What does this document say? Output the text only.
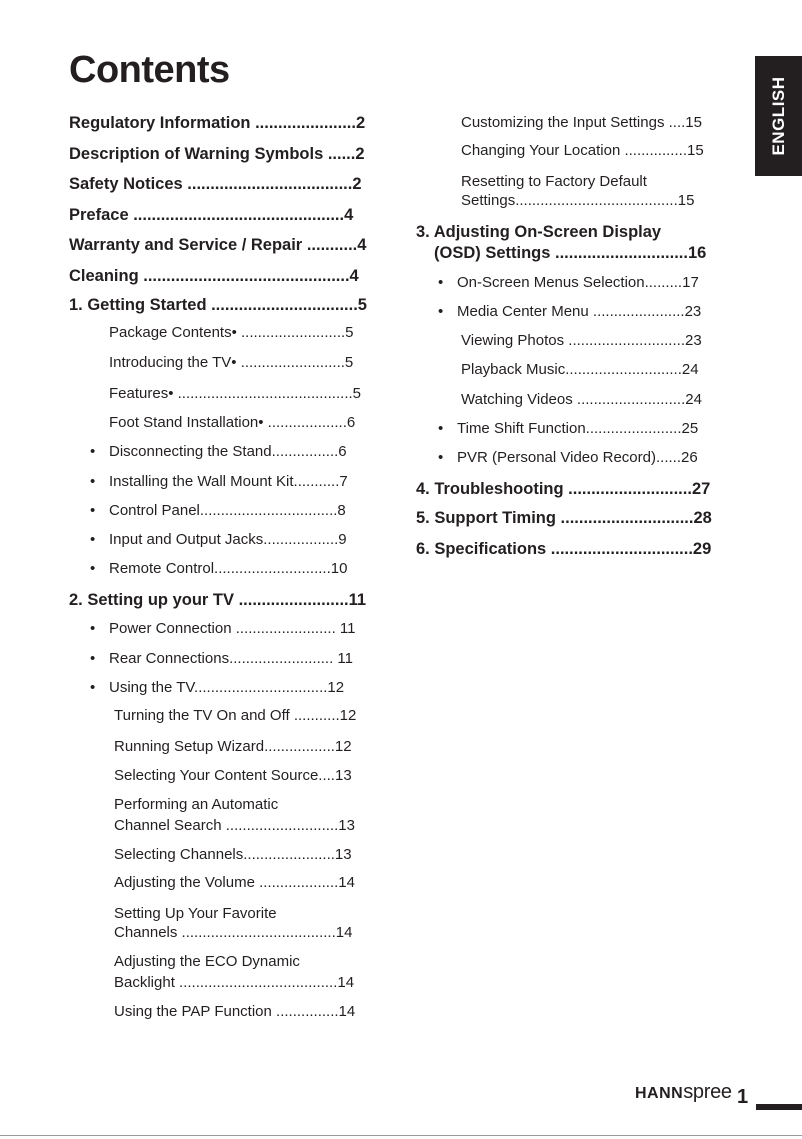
Contents
ENGLISH
Regulatory Information ......................2
Description of Warning Symbols ......2
Safety Notices ....................................2
Preface ..............................................4
Warranty and Service / Repair ...........4
Cleaning .............................................4
1. Getting Started ................................5
Package Contents• .........................5
Introducing the TV• .........................5
Features• ..........................................5
Foot Stand Installation• ...................6
• Disconnecting the Stand................6
• Installing the Wall Mount Kit...........7
• Control Panel.................................8
• Input and Output Jacks..................9
• Remote Control............................10
2. Setting up your TV ........................11
• Power Connection ........................ 11
• Rear Connections......................... 11
• Using the TV................................12
Turning the TV On and Off ...........12
Running Setup Wizard.................12
Selecting Your Content Source....13
Performing an Automatic
Channel Search ...........................13
Selecting Channels......................13
Adjusting the Volume ...................14
Setting Up Your Favorite
Channels .....................................14
Adjusting the ECO Dynamic
Backlight ......................................14
Using the PAP Function ...............14
Customizing the Input Settings ....15
Changing Your Location ...............15
Resetting to Factory Default
Settings.......................................15
3. Adjusting On-Screen Display
(OSD) Settings .............................16
• On-Screen Menus Selection.........17
• Media Center Menu ......................23
Viewing Photos ............................23
Playback Music............................24
Watching Videos ..........................24
• Time Shift Function.......................25
• PVR (Personal Video Record)......26
4. Troubleshooting ...........................27
5. Support Timing .............................28
6. Specifications ...............................29
HANNspree 1
